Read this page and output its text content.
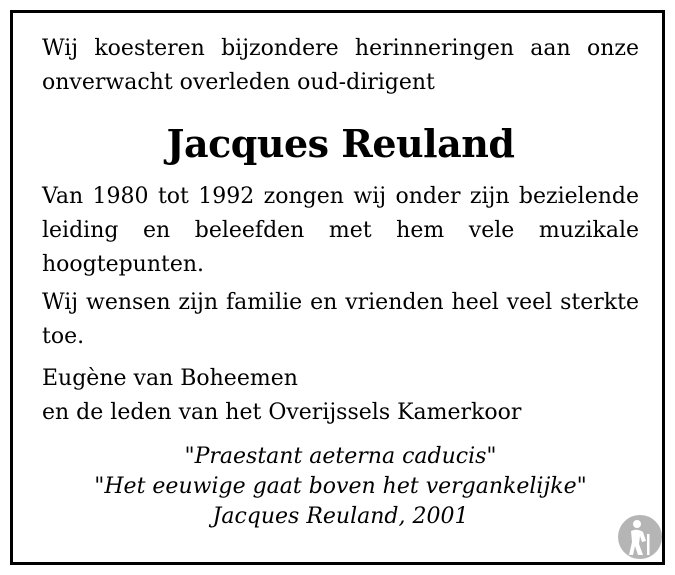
Wij koesteren bijzondere herinneringen aan onze onverwacht overleden oud-dirigent

Jacques Reuland

Van 1980 tot 1992 zongen wij onder zijn bezielende leiding en beleefden met hem vele muzikale hoogtepunten.

Wij wensen zijn familie en vrienden heel veel sterkte toe.

Eugène van Boheemen
en de leden van het Overijssels Kamerkoor
"Praestant aeterna caducis"
"Het eeuwige gaat boven het vergankelijke"
Jacques Reuland, 2001
